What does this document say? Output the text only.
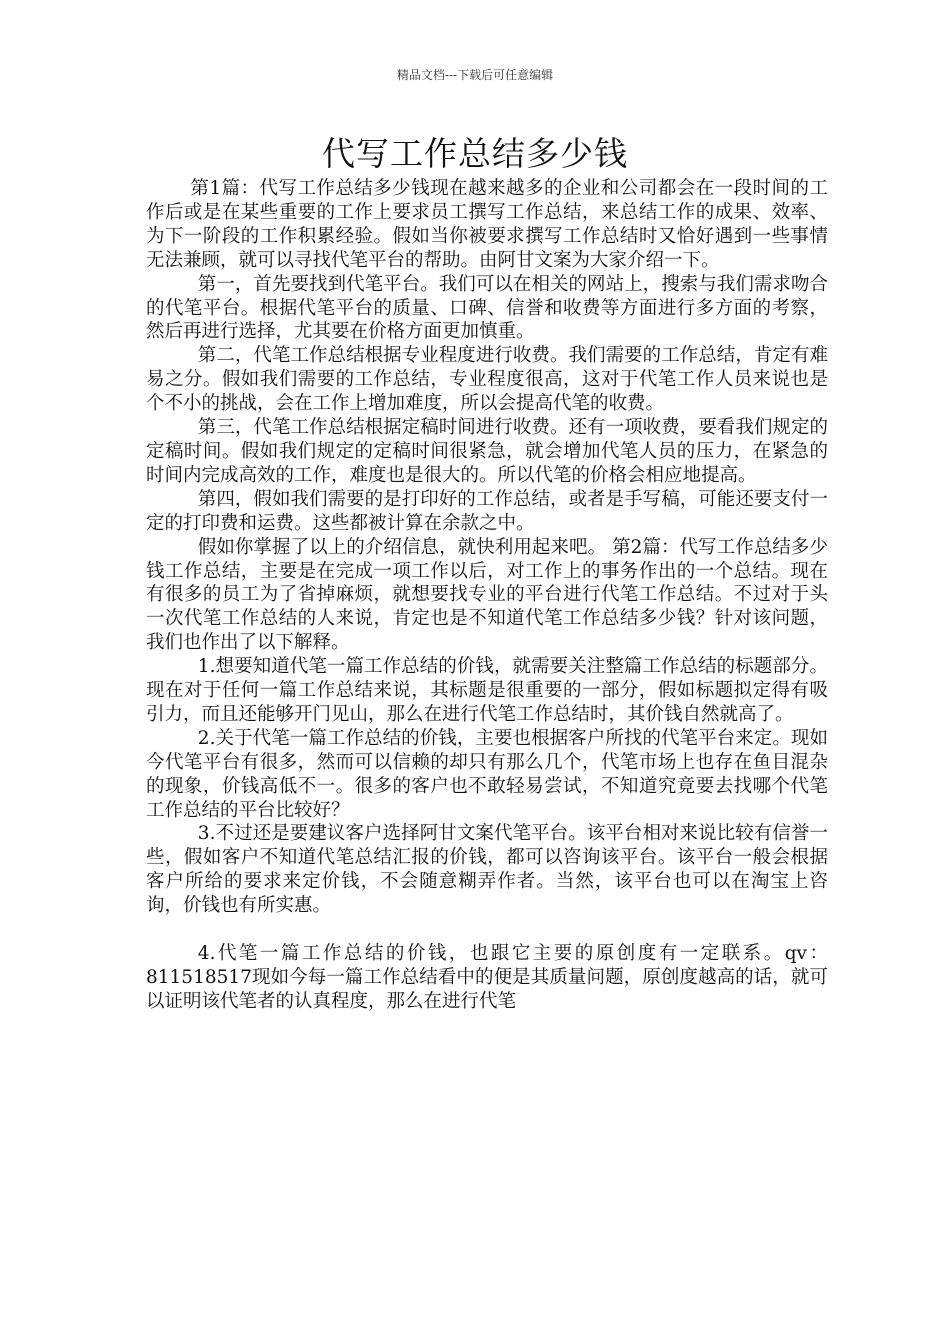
精品文档---下载后可任意编辑
代写工作总结多少钱

第1篇：代写工作总结多少钱现在越来越多的企业和公司都会在一段时间的工作后或是在某些重要的工作上要求员工撰写工作总结，来总结工作的成果、效率、为下一阶段的工作积累经验。假如当你被要求撰写工作总结时又恰好遇到一些事情无法兼顾，就可以寻找代笔平台的帮助。由阿甘文案为大家介绍一下。

第一，首先要找到代笔平台。我们可以在相关的网站上，搜索与我们需求吻合的代笔平台。根据代笔平台的质量、口碑、信誉和收费等方面进行多方面的考察，然后再进行选择，尤其要在价格方面更加慎重。

第二，代笔工作总结根据专业程度进行收费。我们需要的工作总结，肯定有难易之分。假如我们需要的工作总结，专业程度很高，这对于代笔工作人员来说也是个不小的挑战，会在工作上增加难度，所以会提高代笔的收费。

第三，代笔工作总结根据定稿时间进行收费。还有一项收费，要看我们规定的定稿时间。假如我们规定的定稿时间很紧急，就会增加代笔人员的压力，在紧急的时间内完成高效的工作，难度也是很大的。所以代笔的价格会相应地提高。

第四，假如我们需要的是打印好的工作总结，或者是手写稿，可能还要支付一定的打印费和运费。这些都被计算在余款之中。

假如你掌握了以上的介绍信息，就快利用起来吧。 第2篇：代写工作总结多少钱工作总结，主要是在完成一项工作以后，对工作上的事务作出的一个总结。现在有很多的员工为了省掉麻烦，就想要找专业的平台进行代笔工作总结。不过对于头一次代笔工作总结的人来说，肯定也是不知道代笔工作总结多少钱？针对该问题，我们也作出了以下解释。

1.想要知道代笔一篇工作总结的价钱，就需要关注整篇工作总结的标题部分。现在对于任何一篇工作总结来说，其标题是很重要的一部分，假如标题拟定得有吸引力，而且还能够开门见山，那么在进行代笔工作总结时，其价钱自然就高了。

2.关于代笔一篇工作总结的价钱，主要也根据客户所找的代笔平台来定。现如今代笔平台有很多，然而可以信赖的却只有那么几个，代笔市场上也存在鱼目混杂的现象，价钱高低不一。很多的客户也不敢轻易尝试，不知道究竟要去找哪个代笔工作总结的平台比较好？

3.不过还是要建议客户选择阿甘文案代笔平台。该平台相对来说比较有信誉一些，假如客户不知道代笔总结汇报的价钱，都可以咨询该平台。该平台一般会根据客户所给的要求来定价钱，不会随意糊弄作者。当然，该平台也可以在淘宝上咨询，价钱也有所实惠。

4.代笔一篇工作总结的价钱，也跟它主要的原创度有一定联系。qv：811518517现如今每一篇工作总结看中的便是其质量问题，原创度越高的话，就可以证明该代笔者的认真程度，那么在进行代笔
